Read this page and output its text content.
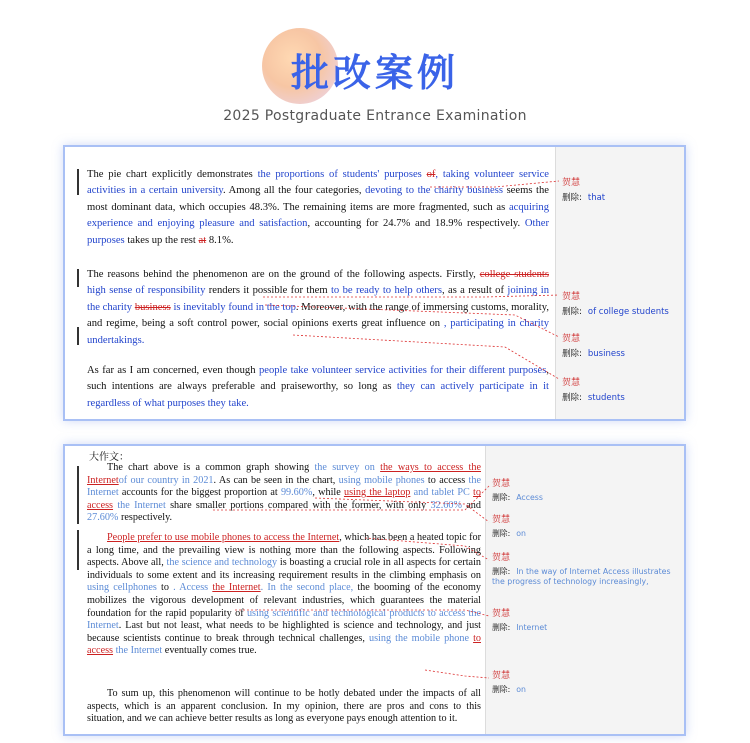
批改案例
2025 Postgraduate Entrance Examination

The pie chart explicitly demonstrates the proportions of students' purposes of, taking volunteer service activities in a certain university. Among all the four categories, devoting to the charity business seems the most dominant data, which occupies 48.3%. The remaining items are more fragmented, such as acquiring experience and enjoying pleasure and satisfaction, accounting for 24.7% and 18.9% respectively. Other purposes takes up the rest at 8.1%.

The reasons behind the phenomenon are on the ground of the following aspects. Firstly, college students high sense of responsibility renders it possible for them to be ready to help others, as a result of joining in the charity business is inevitably found in the top. Moreover, with the range of immersing customs, morality, and regime, being a soft control power, social opinions exerts great influence on , participating in charity undertakings.

As far as I am concerned, even though people take volunteer service activities for their different purposes, such intentions are always preferable and praiseworthy, so long as they can actively participate in it regardless of what purposes they take.

贺慧
删除: that
贺慧
删除: of college students
贺慧
删除: business
贺慧
删除: students
大作文：

The chart above is a common graph showing the survey on the ways to access the Internetof our country in 2021. As can be seen in the chart, using mobile phones to access the Internet accounts for the biggest proportion at 99.60%, while using the laptop and tablet PC to access the Internet share smaller portions compared with the former, with only 32.60% and 27.60% respectively.

People prefer to use mobile phones to access the Internet, which has been a heated topic for a long time, and the prevailing view is nothing more than the following aspects. Following aspects. Above all, the science and technology is boasting a crucial role in all aspects for certain individuals to some extent and its increasing requirement results in the climbing emphasis on using cellphones to . Access the Internet. In the second place, the booming of the economy mobilizes the vigorous development of relevant industries, which guarantees the material foundation for the rapid popularity of using scientific and technological products to access the Internet. Last but not least, what needs to be highlighted is science and technology, and just because scientists continue to break through technical challenges, using the mobile phone to access the Internet eventually comes true.

To sum up, this phenomenon will continue to be hotly debated under the impacts of all aspects, which is an apparent conclusion. In my opinion, there are pros and cons to this situation, and we can achieve better results as long as everyone pays enough attention to it.

贺慧
删除: Access
贺慧
删除: on
贺慧
删除: In the way of Internet Access illustrates the progress of technology increasingly,
贺慧
删除: Internet
贺慧
删除: on
